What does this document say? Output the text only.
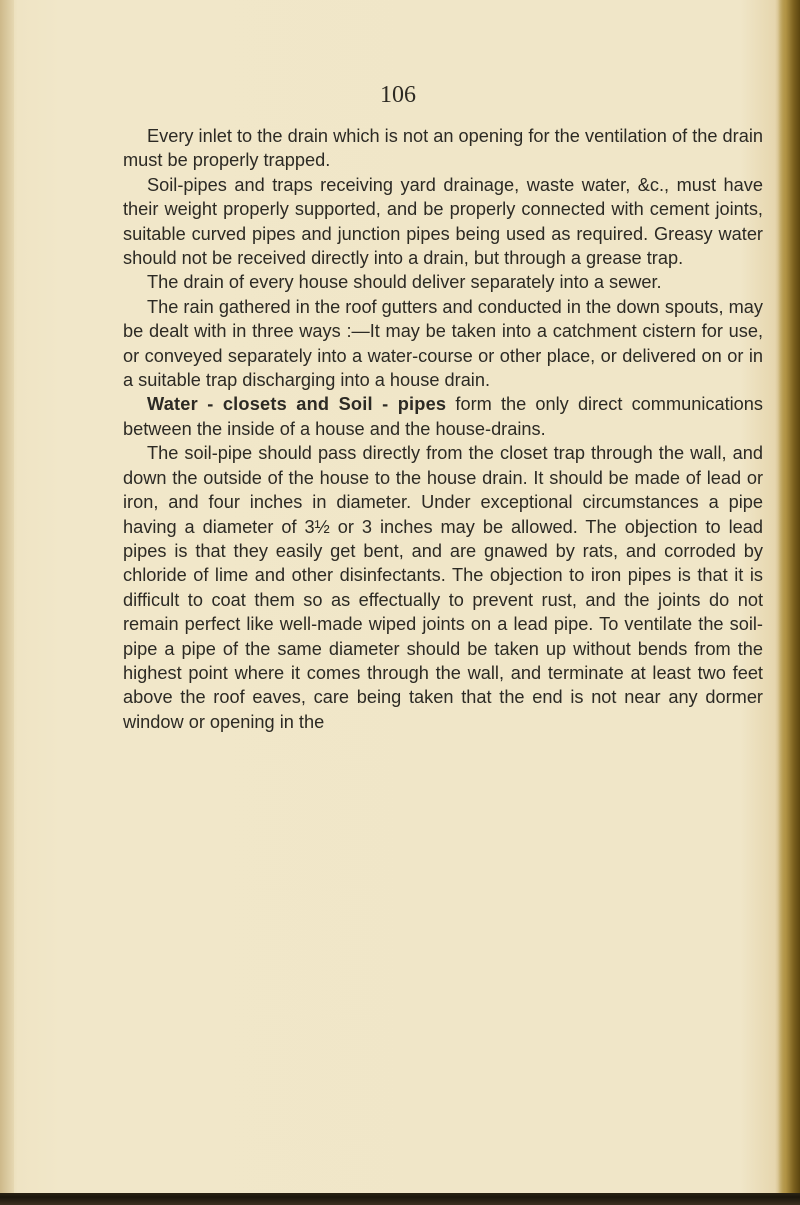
106

Every inlet to the drain which is not an opening for the ventilation of the drain must be properly trapped.

Soil-pipes and traps receiving yard drainage, waste water, &c., must have their weight properly supported, and be properly connected with cement joints, suitable curved pipes and junction pipes being used as required. Greasy water should not be received directly into a drain, but through a grease trap.

The drain of every house should deliver separately into a sewer.

The rain gathered in the roof gutters and conducted in the down spouts, may be dealt with in three ways :—It may be taken into a catchment cistern for use, or conveyed separately into a water-course or other place, or delivered on or in a suitable trap discharging into a house drain.

Water - closets and Soil - pipes form the only direct communications between the inside of a house and the house-drains.

The soil-pipe should pass directly from the closet trap through the wall, and down the outside of the house to the house drain. It should be made of lead or iron, and four inches in diameter. Under exceptional circumstances a pipe having a diameter of 3½ or 3 inches may be allowed. The objection to lead pipes is that they easily get bent, and are gnawed by rats, and corroded by chloride of lime and other disinfectants. The objection to iron pipes is that it is difficult to coat them so as effectually to prevent rust, and the joints do not remain perfect like well-made wiped joints on a lead pipe. To ventilate the soil-pipe a pipe of the same diameter should be taken up without bends from the highest point where it comes through the wall, and terminate at least two feet above the roof eaves, care being taken that the end is not near any dormer window or opening in the
